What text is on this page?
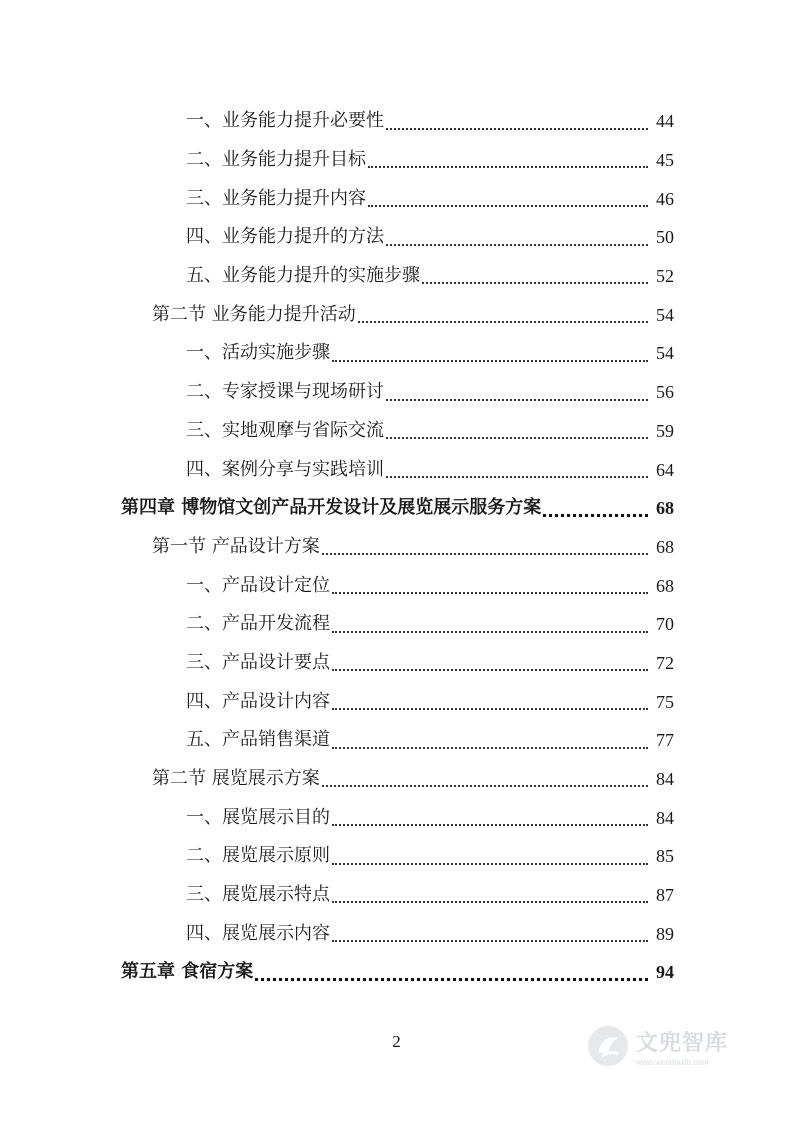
一、业务能力提升必要性	44
二、业务能力提升目标	45
三、业务能力提升内容	46
四、业务能力提升的方法	50
五、业务能力提升的实施步骤	52
第二节 业务能力提升活动	54
一、活动实施步骤	54
二、专家授课与现场研讨	56
三、实地观摩与省际交流	59
四、案例分享与实践培训	64
第四章 博物馆文创产品开发设计及展览展示服务方案	68
第一节 产品设计方案	68
一、产品设计定位	68
二、产品开发流程	70
三、产品设计要点	72
四、产品设计内容	75
五、产品销售渠道	77
第二节 展览展示方案	84
一、展览展示目的	84
二、展览展示原则	85
三、展览展示特点	87
四、展览展示内容	89
第五章 食宿方案	94
2	文兜智库
www.wendoulib.com
